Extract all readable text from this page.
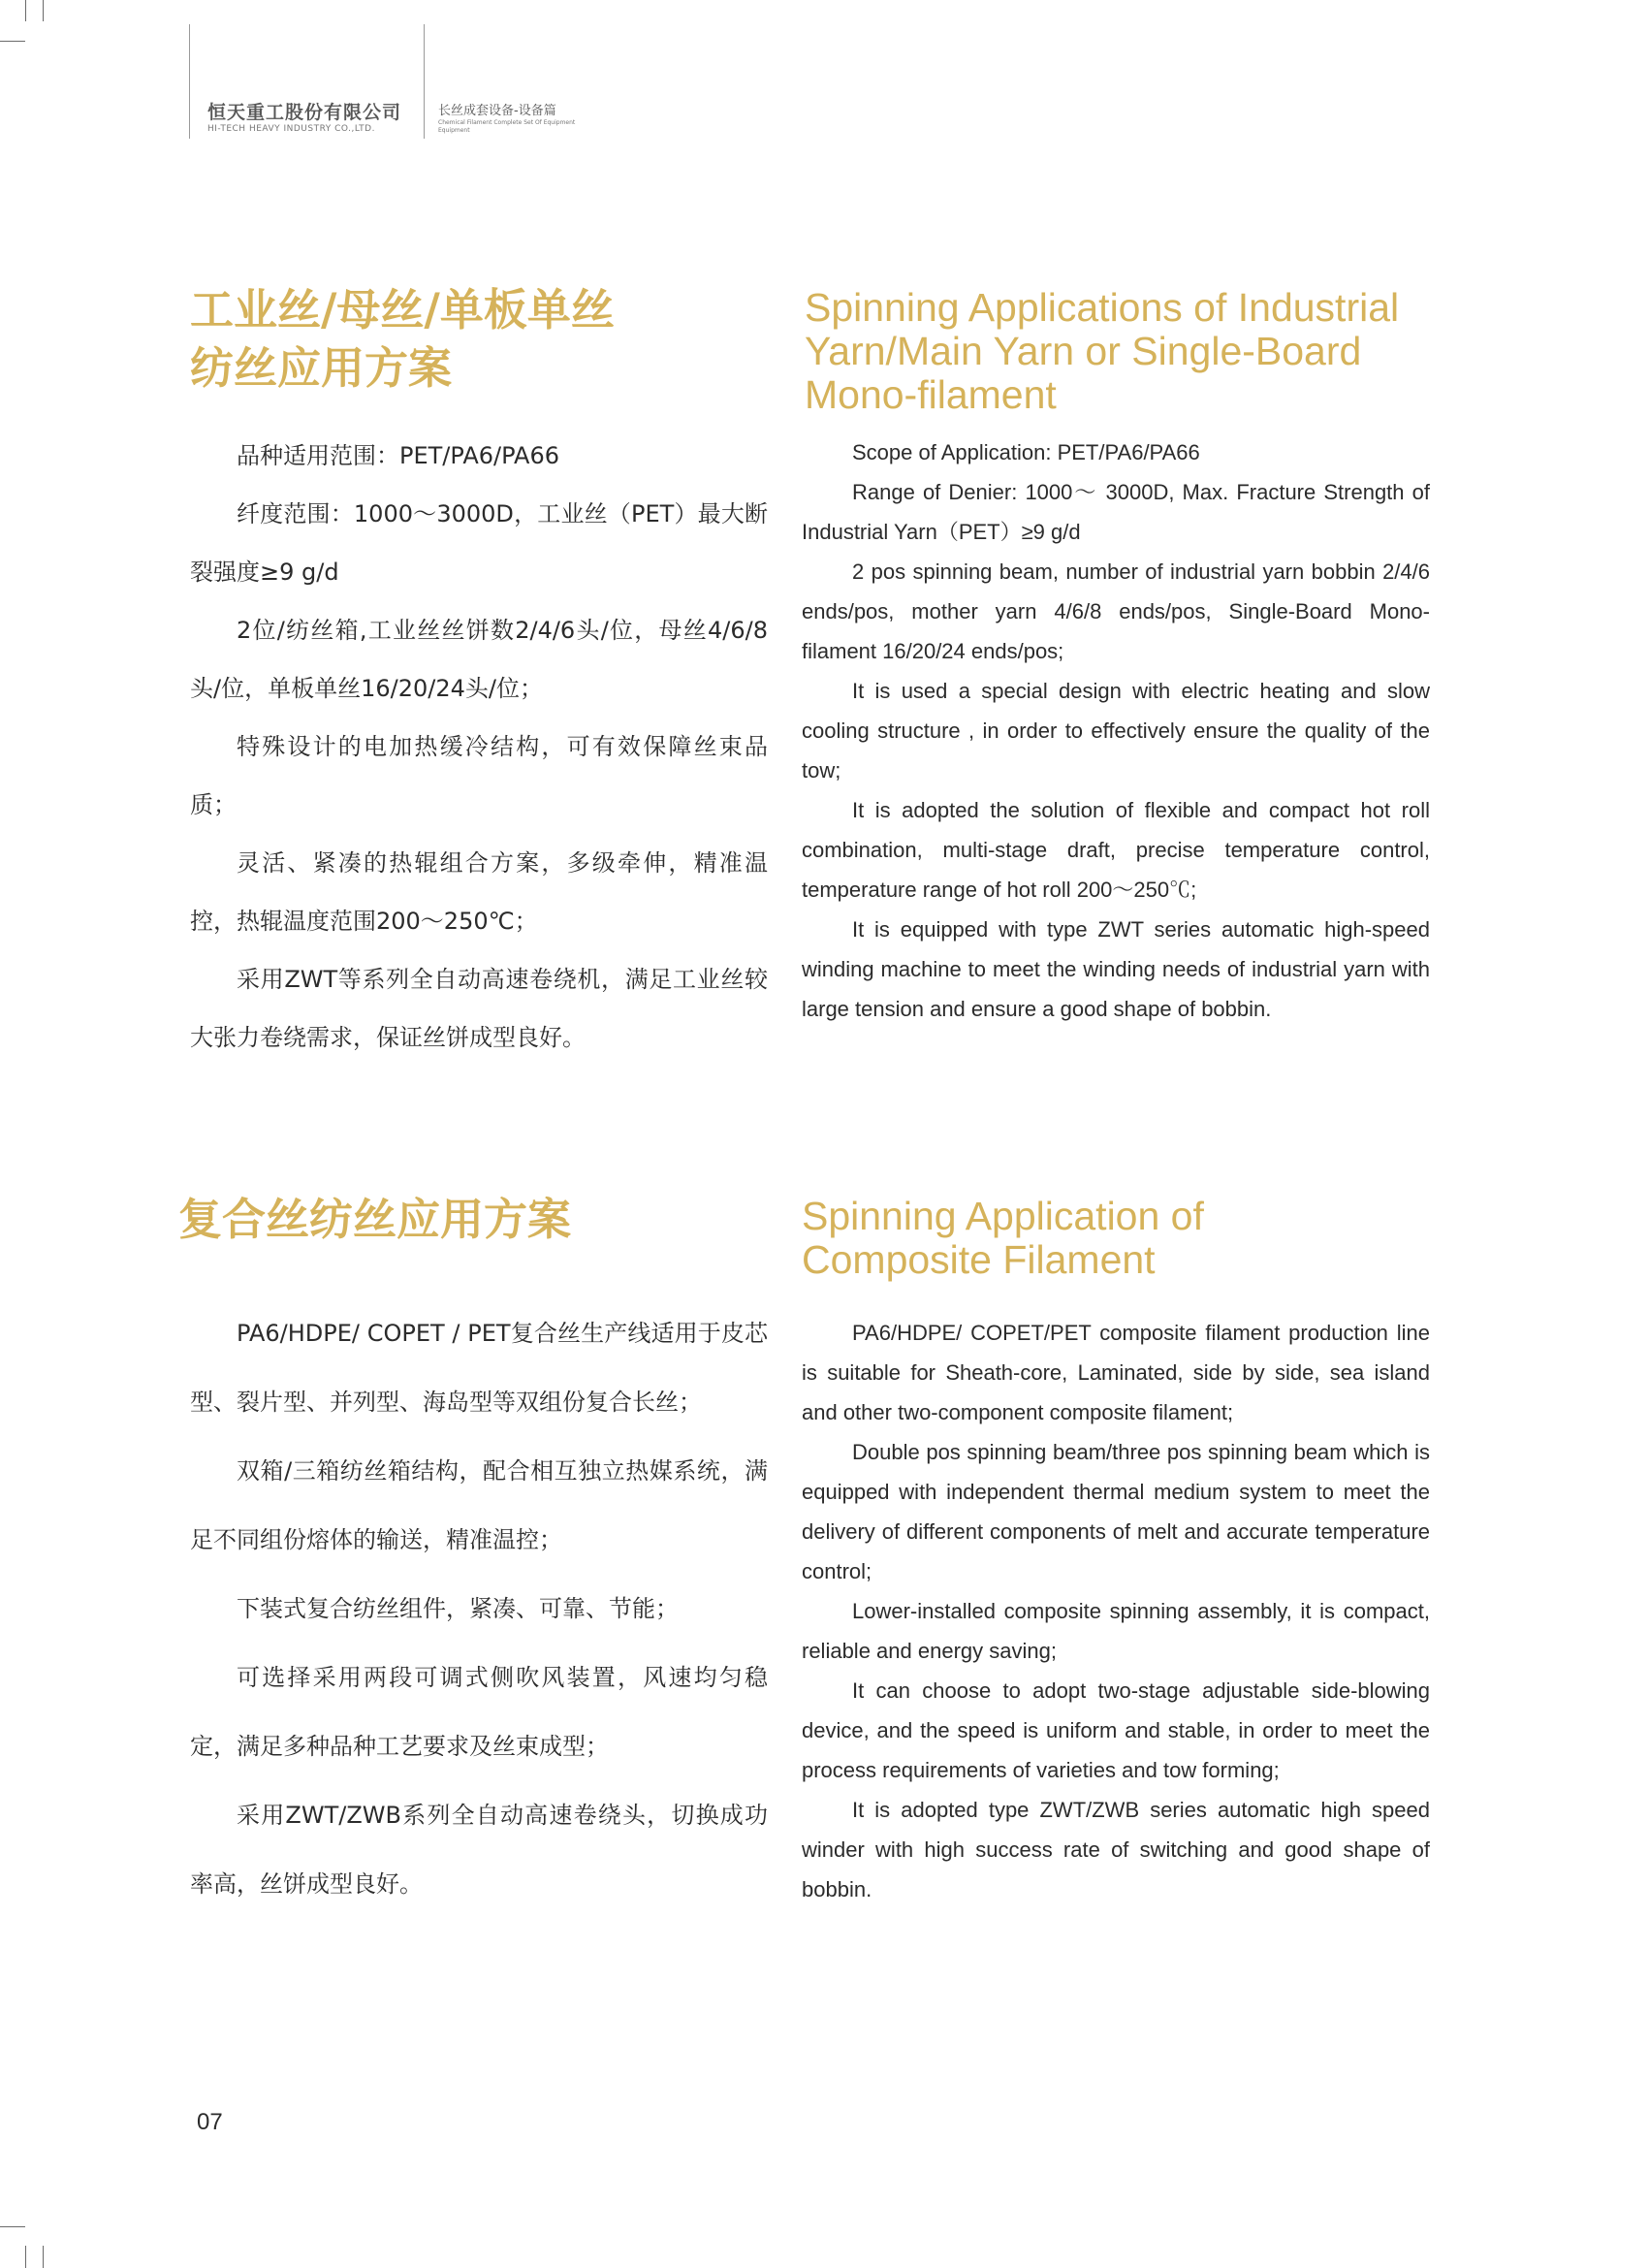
恒天重工股份有限公司
HI-TECH HEAVY INDUSTRY CO.,LTD.
长丝成套设备-设备篇
Chemical Filament Complete Set Of Equipment Equipment
工业丝/母丝/单板单丝
纺丝应用方案
Spinning Applications of Industrial
Yarn/Main Yarn or Single-Board
Mono-filament

品种适用范围：PET/PA6/PA66

纤度范围：1000～3000D，工业丝（PET）最大断裂强度≥9 g/d

2位/纺丝箱,工业丝丝饼数2/4/6头/位，母丝4/6/8头/位，单板单丝16/20/24头/位；

特殊设计的电加热缓冷结构，可有效保障丝束品质；

灵活、紧凑的热辊组合方案，多级牵伸，精准温控，热辊温度范围200～250℃；

采用ZWT等系列全自动高速卷绕机，满足工业丝较大张力卷绕需求，保证丝饼成型良好。

Scope of Application: PET/PA6/PA66

Range of Denier: 1000～ 3000D, Max. Fracture Strength of Industrial Yarn（PET）≥9 g/d

2 pos spinning beam, number of industrial yarn bobbin 2/4/6 ends/pos, mother yarn 4/6/8 ends/pos, Single-Board Mono-filament 16/20/24 ends/pos;

It is used a special design with electric heating and slow cooling structure , in order to effectively ensure the quality of the tow;

It is adopted the solution of flexible and compact hot roll combination, multi-stage draft, precise temperature control, temperature range of hot roll 200～250℃;

It is equipped with type ZWT series automatic high-speed winding machine to meet the winding needs of industrial yarn with large tension and ensure a good shape of bobbin.

复合丝纺丝应用方案	Spinning Application of
Composite Filament

PA6/HDPE/ COPET / PET复合丝生产线适用于皮芯型、裂片型、并列型、海岛型等双组份复合长丝；

双箱/三箱纺丝箱结构，配合相互独立热媒系统，满足不同组份熔体的输送，精准温控；

下装式复合纺丝组件，紧凑、可靠、节能；

可选择采用两段可调式侧吹风装置，风速均匀稳定，满足多种品种工艺要求及丝束成型；

采用ZWT/ZWB系列全自动高速卷绕头，切换成功率高，丝饼成型良好。

PA6/HDPE/ COPET/PET composite filament production line is suitable for Sheath-core, Laminated, side by side, sea island and other two-component composite filament;

Double pos spinning beam/three pos spinning beam which is equipped with independent thermal medium system to meet the delivery of different components of melt and accurate temperature control;

Lower-installed composite spinning assembly, it is compact, reliable and energy saving;

It can choose to adopt two-stage adjustable side-blowing device, and the speed is uniform and stable, in order to meet the process requirements of varieties and tow forming;

It is adopted type ZWT/ZWB series automatic high speed winder with high success rate of switching and good shape of bobbin.

07
